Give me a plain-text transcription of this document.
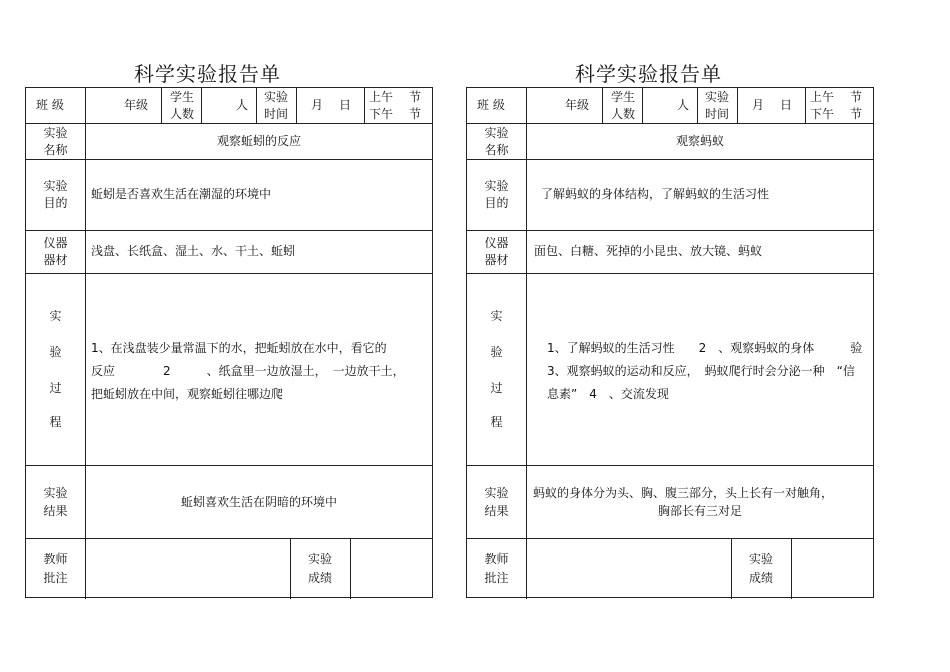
科学实验报告单
班 级	年级
学生
人数
人
实验
时间
月 日
上午
下午
节
节
实验
名称
观察蚯蚓的反应
实验
目的
蚯蚓是否喜欢生活在潮湿的环境中
仪器
器材
浅盘、长纸盒、湿土、水、干土、蚯蚓
实
验
过
程
1、在浅盘装少量常温下的水，把蚯蚓放在水中，看它的
反应　　　　2　　　、纸盒里一边放湿土，　一边放干土，
把蚯蚓放在中间，观察蚯蚓往哪边爬
实验
结果
蚯蚓喜欢生活在阴暗的环境中
教师
批注
实验
成绩
科学实验报告单
班 级	年级
学生
人数
人
实验
时间
月 日
上午
下午
节
节
实验
名称
观察蚂蚁
实验
目的
了解蚂蚁的身体结构，了解蚂蚁的生活习性
仪器
器材
面包、白糖、死掉的小昆虫、放大镜、蚂蚁
实
验
过
程
1、了解蚂蚁的生活习性　　2　、观察蚂蚁的身体　　　验
3、观察蚂蚁的运动和反应，　蚂蚁爬行时会分泌一种　“信
息素”　4　、交流发现
实验
结果
蚂蚁的身体分为头、胸、腹三部分，头上长有一对触角，
胸部长有三对足
教师
批注
实验
成绩
